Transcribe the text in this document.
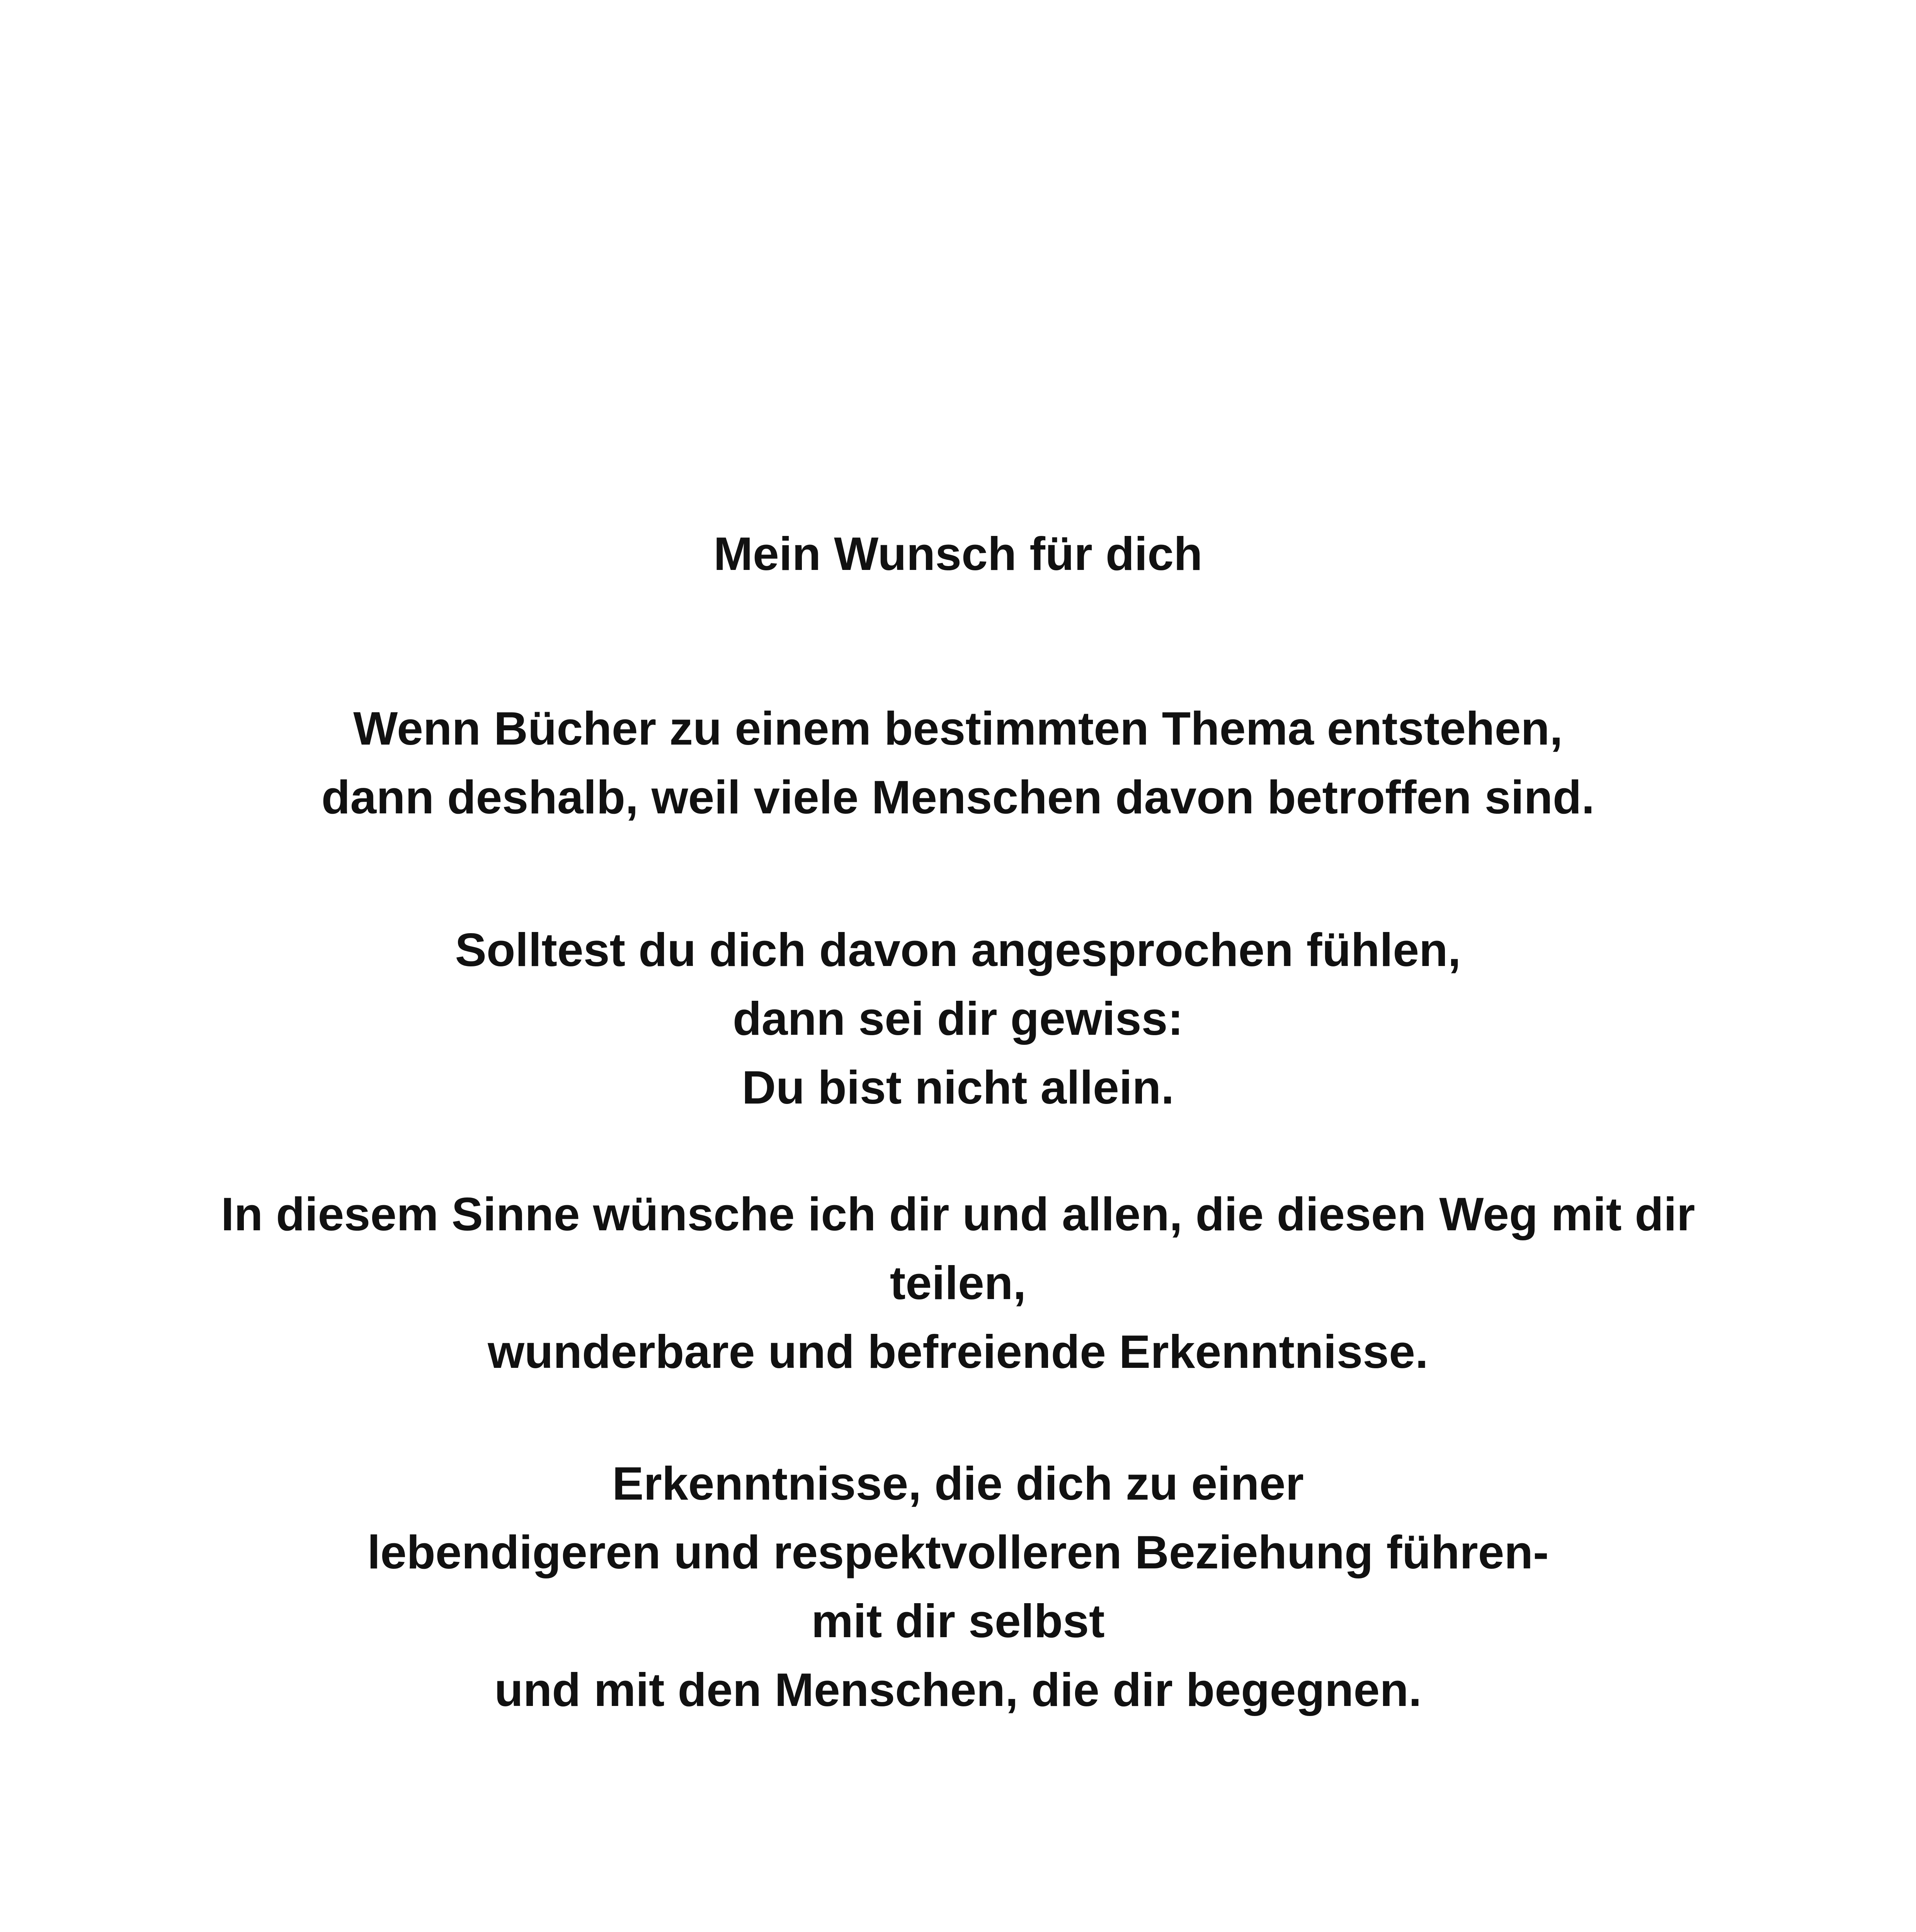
Mein Wunsch für dich
Wenn Bücher zu einem bestimmten Thema entstehen,
dann deshalb, weil viele Menschen davon betroffen sind.
Solltest du dich davon angesprochen fühlen,
dann sei dir gewiss:
Du bist nicht allein.
In diesem Sinne wünsche ich dir und allen, die diesen Weg mit dir
teilen,
wunderbare und befreiende Erkenntnisse.
Erkenntnisse, die dich zu einer
lebendigeren und respektvolleren Beziehung führen-
mit dir selbst
und mit den Menschen, die dir begegnen.
